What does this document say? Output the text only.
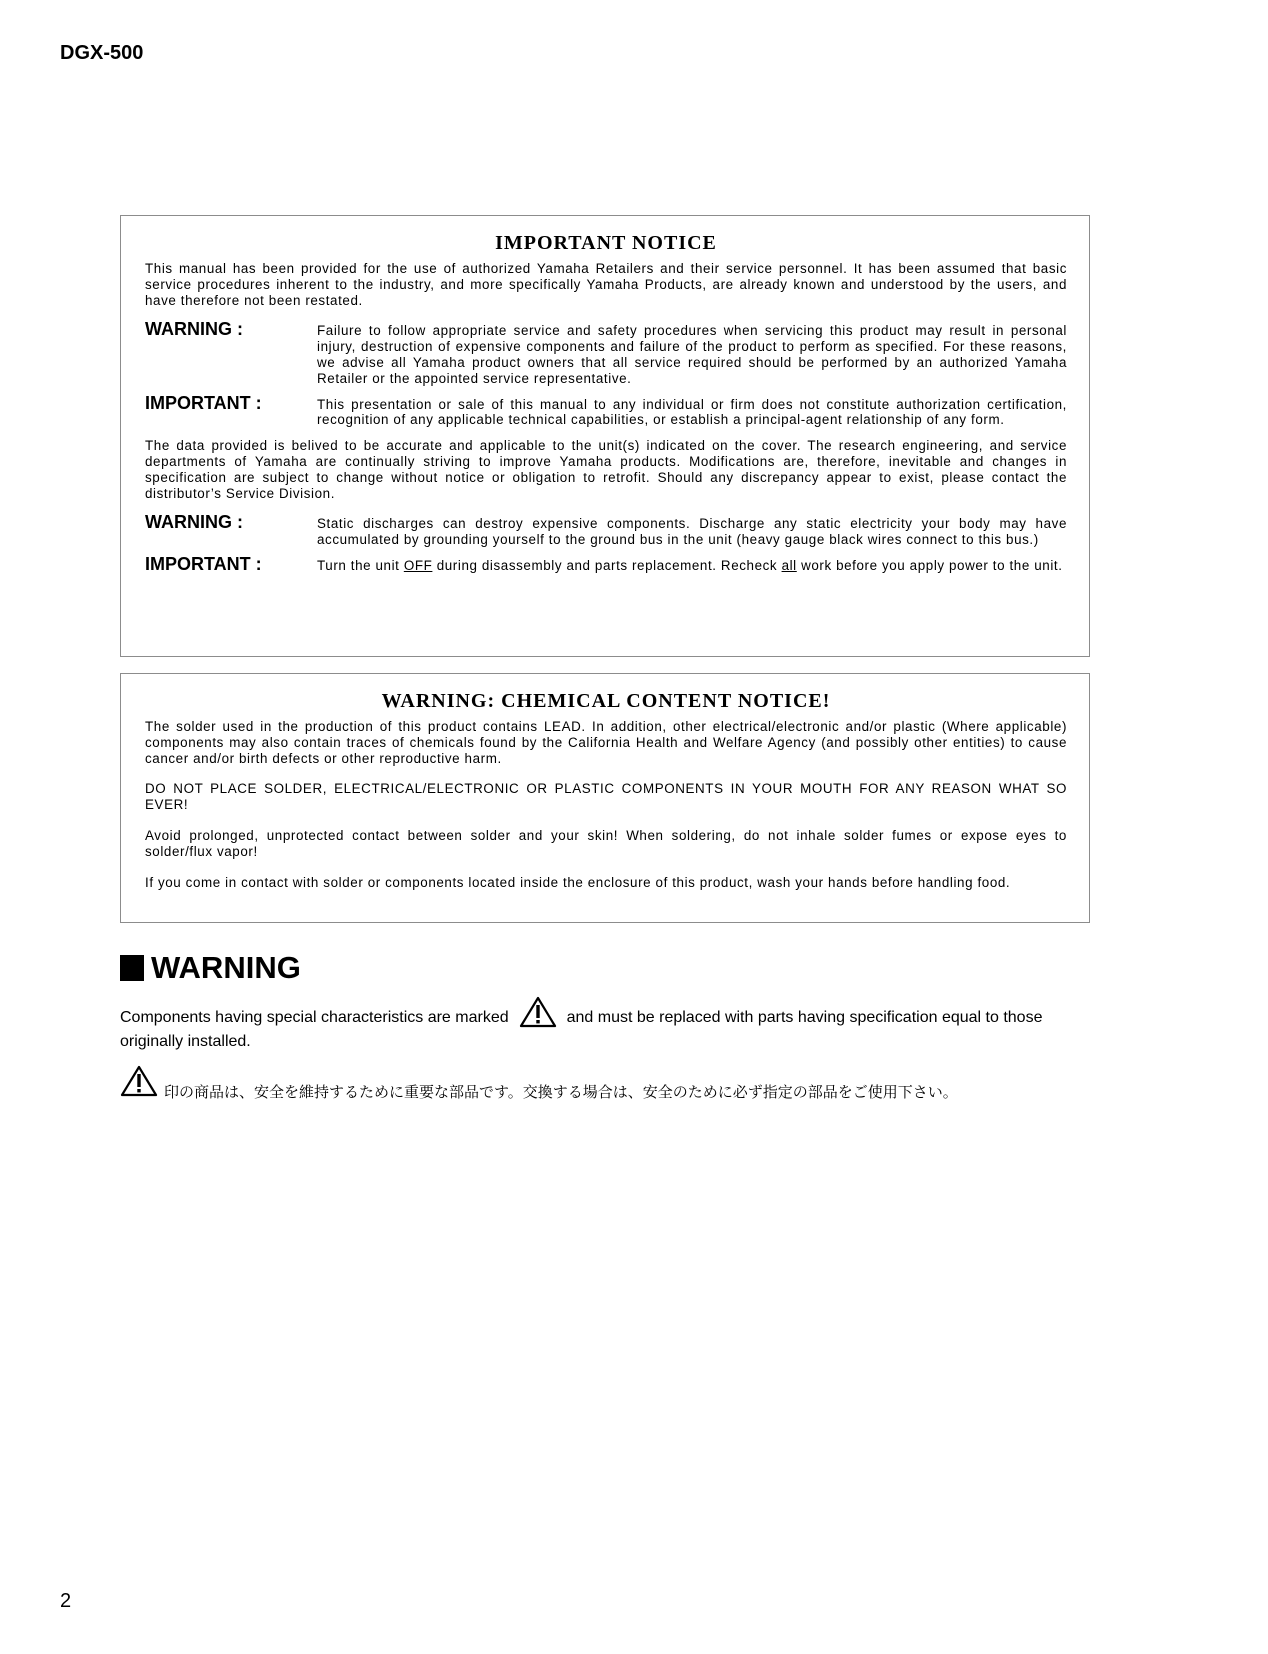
DGX-500
IMPORTANT NOTICE
This manual has been provided for the use of authorized Yamaha Retailers and their service personnel. It has been assumed that basic service procedures inherent to the industry, and more specifically Yamaha Products, are already known and understood by the users, and have therefore not been restated.
WARNING :	Failure to follow appropriate service and safety procedures when servicing this product may result in personal injury, destruction of expensive components and failure of the product to perform as specified. For these reasons, we advise all Yamaha product owners that all service required should be performed by an authorized Yamaha Retailer or the appointed service representative.
IMPORTANT :	This presentation or sale of this manual to any individual or firm does not constitute authorization certification, recognition of any applicable technical capabilities, or establish a principal-agent relationship of any form.
The data provided is belived to be accurate and applicable to the unit(s) indicated on the cover. The research engineering, and service departments of Yamaha are continually striving to improve Yamaha products. Modifications are, therefore, inevitable and changes in specification are subject to change without notice or obligation to retrofit. Should any discrepancy appear to exist, please contact the distributor’s Service Division.
WARNING :	Static discharges can destroy expensive components. Discharge any static electricity your body may have accumulated by grounding yourself to the ground bus in the unit (heavy gauge black wires connect to this bus.)
IMPORTANT :	Turn the unit OFF during disassembly and parts replacement. Recheck all work before you apply power to the unit.
WARNING: CHEMICAL CONTENT NOTICE!
The solder used in the production of this product contains LEAD. In addition, other electrical/electronic and/or plastic (Where applicable) components may also contain traces of chemicals found by the California Health and Welfare Agency (and possibly other entities) to cause cancer and/or birth defects or other reproductive harm.
DO NOT PLACE SOLDER, ELECTRICAL/ELECTRONIC OR PLASTIC COMPONENTS IN YOUR MOUTH FOR ANY REASON WHAT SO EVER!
Avoid prolonged, unprotected contact between solder and your skin! When soldering, do not inhale solder fumes or expose eyes to solder/flux vapor!
If you come in contact with solder or components located inside the enclosure of this product, wash your hands before handling food.
WARNING
Components having special characteristics are marked	and must be replaced with parts having specification equal to those originally installed.
印の商品は、安全を維持するために重要な部品です。交換する場合は、安全のために必ず指定の部品をご使用下さい。
2
